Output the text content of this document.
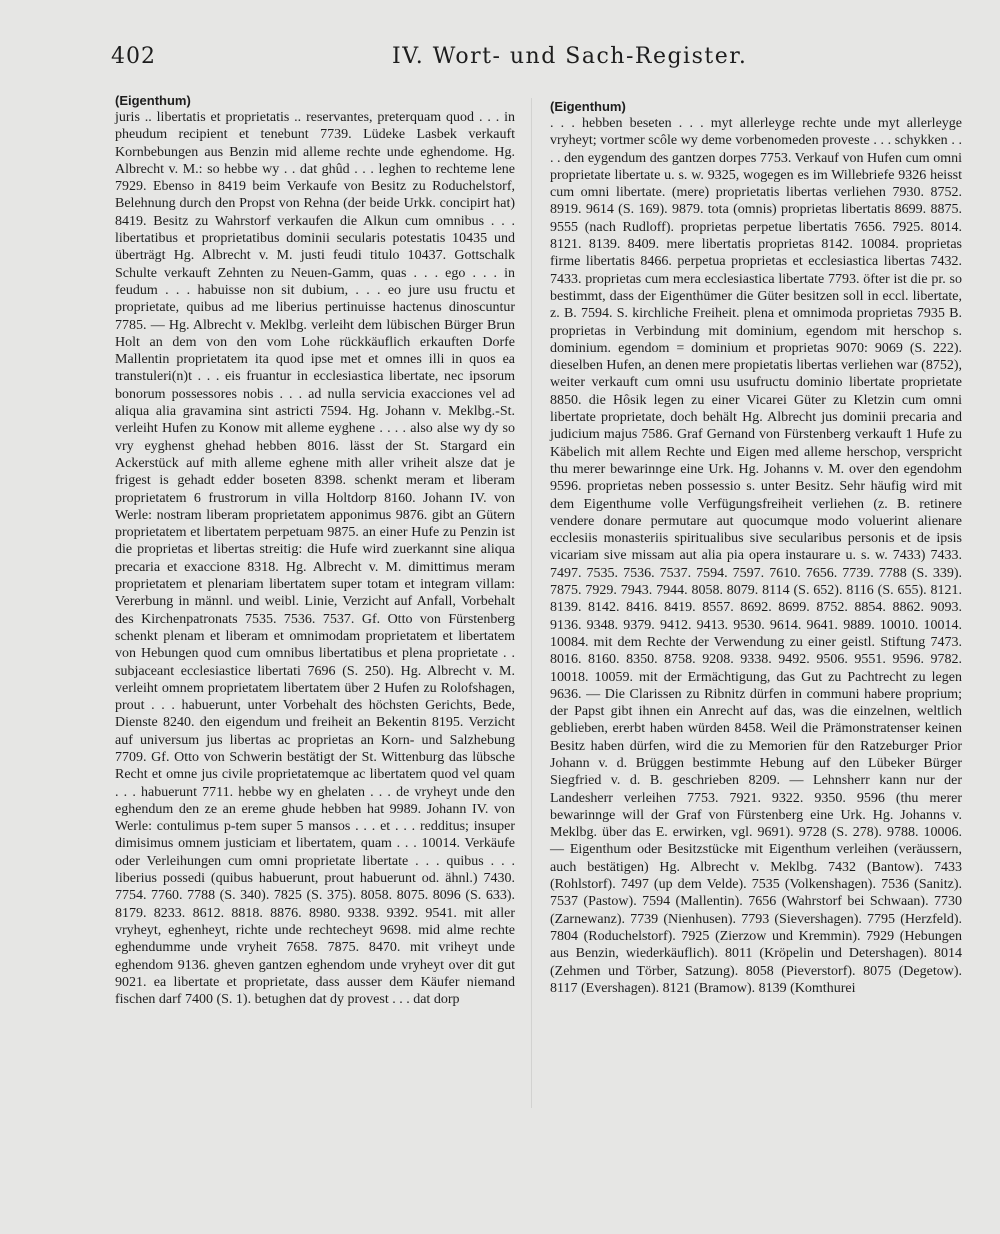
402	IV. Wort- und Sach-Register.
(Eigenthum)
juris .. libertatis et proprietatis .. reservantes, preterquam quod . . . in pheudum recipient et tenebunt 7739. Lüdeke Lasbek verkauft Kornbebungen aus Benzin mid alleme rechte unde eghendome. Hg. Albrecht v. M.: so hebbe wy . . dat ghûd . . . leghen to rechteme lene 7929. Ebenso in 8419 beim Verkaufe von Besitz zu Roduchelstorf, Belehnung durch den Propst von Rehna (der beide Urkk. concipirt hat) 8419. Besitz zu Wahrstorf verkaufen die Alkun cum omnibus . . . libertatibus et proprietatibus dominii secularis potestatis 10435 und überträgt Hg. Albrecht v. M. justi feudi titulo 10437. Gottschalk Schulte verkauft Zehnten zu Neuen-Gamm, quas . . . ego . . . in feudum . . . habuisse non sit dubium, . . . eo jure usu fructu et proprietate, quibus ad me liberius pertinuisse hactenus dinoscuntur 7785. — Hg. Albrecht v. Meklbg. verleiht dem lübischen Bürger Brun Holt an dem von den vom Lohe rückkäuflich erkauften Dorfe Mallentin proprietatem ita quod ipse met et omnes illi in quos ea transtuleri(n)t . . . eis fruantur in ecclesiastica libertate, nec ipsorum bonorum possessores nobis . . . ad nulla servicia exacciones vel ad aliqua alia gravamina sint astricti 7594. Hg. Johann v. Meklbg.-St. verleiht Hufen zu Konow mit alleme eyghene . . . . also alse wy dy so vry eyghenst ghehad hebben 8016. lässt der St. Stargard ein Ackerstück auf mith alleme eghene mith aller vriheit alsze dat je frigest is gehadt edder boseten 8398. schenkt meram et liberam proprietatem 6 frustrorum in villa Holtdorp 8160. Johann IV. von Werle: nostram liberam proprietatem apponimus 9876. gibt an Gütern proprietatem et libertatem perpetuam 9875. an einer Hufe zu Penzin ist die proprietas et libertas streitig: die Hufe wird zuerkannt sine aliqua precaria et exaccione 8318. Hg. Albrecht v. M. dimittimus meram proprietatem et plenariam libertatem super totam et integram villam: Vererbung in männl. und weibl. Linie, Verzicht auf Anfall, Vorbehalt des Kirchenpatronats 7535. 7536. 7537. Gf. Otto von Fürstenberg schenkt plenam et liberam et omnimodam proprietatem et libertatem von Hebungen quod cum omnibus libertatibus et plena proprietate . . subjaceant ecclesiastice libertati 7696 (S. 250). Hg. Albrecht v. M. verleiht omnem proprietatem libertatem über 2 Hufen zu Rolofshagen, prout . . . habuerunt, unter Vorbehalt des höchsten Gerichts, Bede, Dienste 8240. den eigendum und freiheit an Bekentin 8195. Verzicht auf universum jus libertas ac proprietas an Korn- und Salzhebung 7709. Gf. Otto von Schwerin bestätigt der St. Wittenburg das lübsche Recht et omne jus civile proprietatemque ac libertatem quod vel quam . . . habuerunt 7711. hebbe wy en ghelaten . . . de vryheyt unde den eghendum den ze an ereme ghude hebben hat 9989. Johann IV. von Werle: contulimus p-tem super 5 mansos . . . et . . . redditus; insuper dimisimus omnem justiciam et libertatem, quam . . . 10014. Verkäufe oder Verleihungen cum omni proprietate libertate . . . quibus . . . liberius possedi (quibus habuerunt, prout habuerunt od. ähnl.) 7430. 7754. 7760. 7788 (S. 340). 7825 (S. 375). 8058. 8075. 8096 (S. 633). 8179. 8233. 8612. 8818. 8876. 8980. 9338. 9392. 9541. mit aller vryheyt, eghenheyt, richte unde rechtecheyt 9698. mid alme rechte eghendumme unde vryheit 7658. 7875. 8470. mit vriheyt unde eghendom 9136. gheven gantzen eghendom unde vryheyt over dit gut 9021. ea libertate et proprietate, dass ausser dem Käufer niemand fischen darf 7400 (S. 1). betughen dat dy provest . . . dat dorp
(Eigenthum)
. . . hebben beseten . . . myt allerleyge rechte unde myt allerleyge vryheyt; vortmer scôle wy deme vorbenomeden proveste . . . schykken . . . . den eygendum des gantzen dorpes 7753. Verkauf von Hufen cum omni proprietate libertate u. s. w. 9325, wogegen es im Willebriefe 9326 heisst cum omni libertate. (mere) proprietatis libertas verliehen 7930. 8752. 8919. 9614 (S. 169). 9879. tota (omnis) proprietas libertatis 8699. 8875. 9555 (nach Rudloff). proprietas perpetue libertatis 7656. 7925. 8014. 8121. 8139. 8409. mere libertatis proprietas 8142. 10084. proprietas firme libertatis 8466. perpetua proprietas et ecclesiastica libertas 7432. 7433. proprietas cum mera ecclesiastica libertate 7793. öfter ist die pr. so bestimmt, dass der Eigenthümer die Güter besitzen soll in eccl. libertate, z. B. 7594. S. kirchliche Freiheit. plena et omnimoda proprietas 7935 B. proprietas in Verbindung mit dominium, egendom mit herschop s. dominium. egendom = dominium et proprietas 9070: 9069 (S. 222). dieselben Hufen, an denen mere propietatis libertas verliehen war (8752), weiter verkauft cum omni usu usufructu dominio libertate proprietate 8850. die Hôsik legen zu einer Vicarei Güter zu Kletzin cum omni libertate proprietate, doch behält Hg. Albrecht jus dominii precaria and judicium majus 7586. Graf Gernand von Fürstenberg verkauft 1 Hufe zu Käbelich mit allem Rechte und Eigen med alleme herschop, verspricht thu merer bewarinnge eine Urk. Hg. Johanns v. M. over den egendohm 9596. proprietas neben possessio s. unter Besitz. Sehr häufig wird mit dem Eigenthume volle Verfügungsfreiheit verliehen (z. B. retinere vendere donare permutare aut quocumque modo voluerint alienare ecclesiis monasteriis spiritualibus sive secularibus personis et de ipsis vicariam sive missam aut alia pia opera instaurare u. s. w. 7433) 7433. 7497. 7535. 7536. 7537. 7594. 7597. 7610. 7656. 7739. 7788 (S. 339). 7875. 7929. 7943. 7944. 8058. 8079. 8114 (S. 652). 8116 (S. 655). 8121. 8139. 8142. 8416. 8419. 8557. 8692. 8699. 8752. 8854. 8862. 9093. 9136. 9348. 9379. 9412. 9413. 9530. 9614. 9641. 9889. 10010. 10014. 10084. mit dem Rechte der Verwendung zu einer geistl. Stiftung 7473. 8016. 8160. 8350. 8758. 9208. 9338. 9492. 9506. 9551. 9596. 9782. 10018. 10059. mit der Ermächtigung, das Gut zu Pachtrecht zu legen 9636. — Die Clarissen zu Ribnitz dürfen in communi habere proprium; der Papst gibt ihnen ein Anrecht auf das, was die einzelnen, weltlich geblieben, ererbt haben würden 8458. Weil die Prämonstratenser keinen Besitz haben dürfen, wird die zu Memorien für den Ratzeburger Prior Johann v. d. Brüggen bestimmte Hebung auf den Lübeker Bürger Siegfried v. d. B. geschrieben 8209. — Lehnsherr kann nur der Landesherr verleihen 7753. 7921. 9322. 9350. 9596 (thu merer bewarinnge will der Graf von Fürstenberg eine Urk. Hg. Johanns v. Meklbg. über das E. erwirken, vgl. 9691). 9728 (S. 278). 9788. 10006. — Eigenthum oder Besitzstücke mit Eigenthum verleihen (veräussern, auch bestätigen) Hg. Albrecht v. Meklbg. 7432 (Bantow). 7433 (Rohlstorf). 7497 (up dem Velde). 7535 (Volkenshagen). 7536 (Sanitz). 7537 (Pastow). 7594 (Mallentin). 7656 (Wahrstorf bei Schwaan). 7730 (Zarnewanz). 7739 (Nienhusen). 7793 (Sievershagen). 7795 (Herzfeld). 7804 (Roduchelstorf). 7925 (Zierzow und Kremmin). 7929 (Hebungen aus Benzin, wiederkäuflich). 8011 (Kröpelin und Detershagen). 8014 (Zehmen und Törber, Satzung). 8058 (Pieverstorf). 8075 (Degetow). 8117 (Evershagen). 8121 (Bramow). 8139 (Komthurei
